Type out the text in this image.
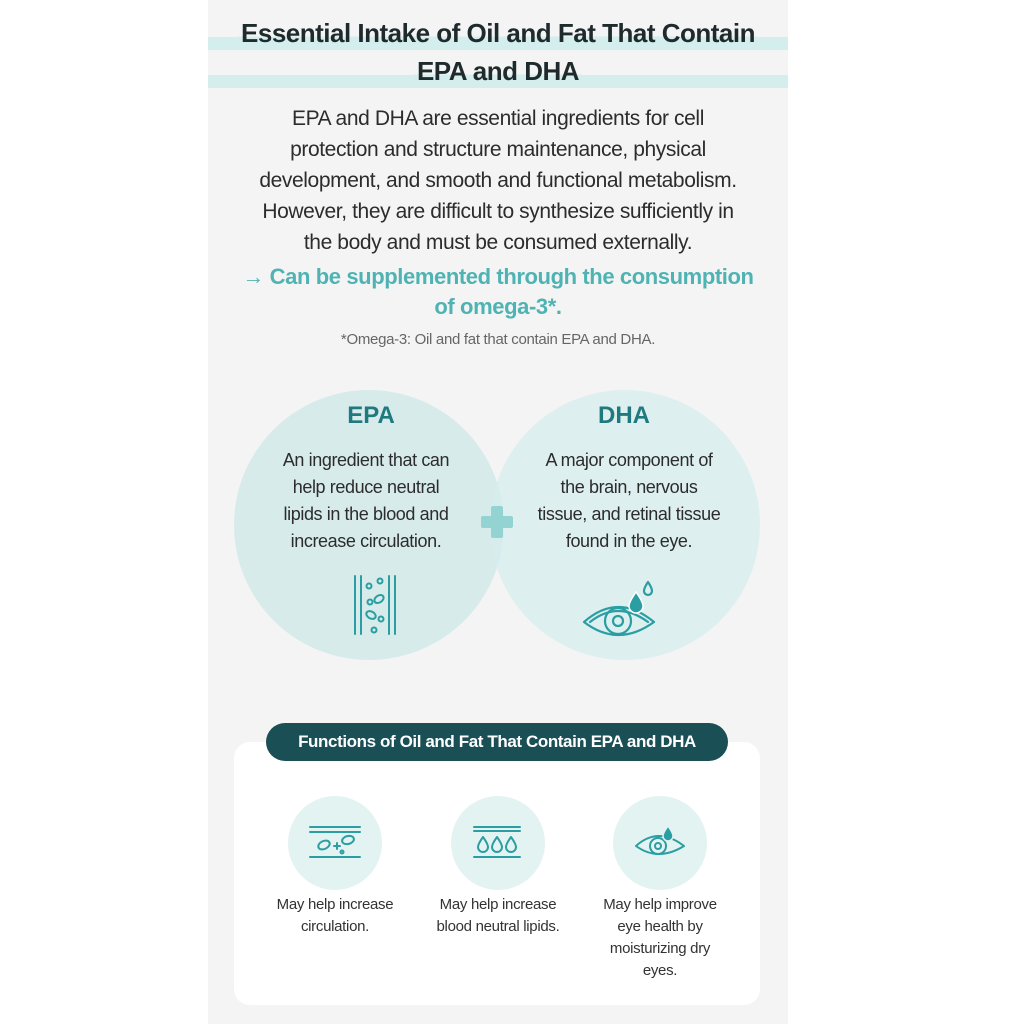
Essential Intake of Oil and Fat That Contain
EPA and DHA
EPA and DHA are essential ingredients for cell
protection and structure maintenance, physical
development, and smooth and functional metabolism.
However, they are difficult to synthesize sufficiently in
the body and must be consumed externally.
→ Can be supplemented through the consumption
of omega-3*.
*Omega-3: Oil and fat that contain EPA and DHA.
EPA	DHA
An ingredient that can
help reduce neutral
lipids in the blood and
increase circulation.
A major component of
the brain, nervous
tissue, and retinal tissue
found in the eye.
Functions of Oil and Fat That Contain EPA and DHA
May help increase
circulation.
May help increase
blood neutral lipids.
May help improve
eye health by
moisturizing dry
eyes.
